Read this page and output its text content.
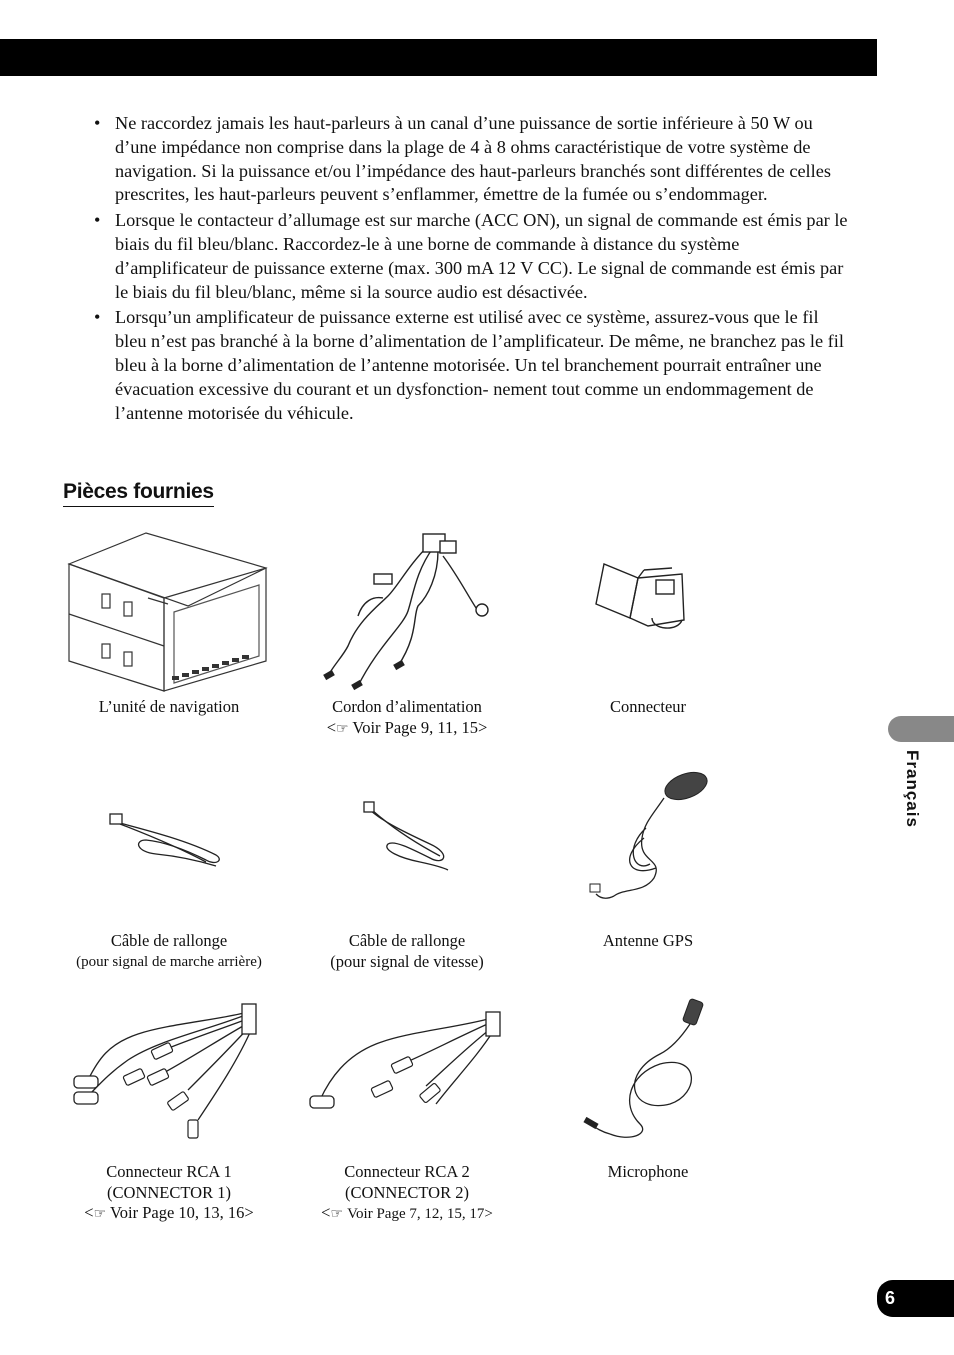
• Ne raccordez jamais les haut-parleurs à un canal d’une puissance de sortie inférieure à 50 W ou d’une impédance non comprise dans la plage de 4 à 8 ohms caractéristique de votre système de navigation. Si la puissance et/ou l’impédance des haut-parleurs branchés sont différentes de celles prescrites, les haut-parleurs peuvent s’enflammer, émettre de la fumée ou s’endommager.
• Lorsque le contacteur d’allumage est sur marche (ACC ON), un signal de commande est émis par le biais du fil bleu/blanc. Raccordez-le à une borne de commande à distance du système d’amplificateur de puissance externe (max. 300 mA 12 V CC). Le signal de commande est émis par le biais du fil bleu/blanc, même si la source audio est désactivée.
• Lorsqu’un amplificateur de puissance externe est utilisé avec ce système, assurez-vous que le fil bleu n’est pas branché à la borne d’alimentation de l’amplificateur. De même, ne branchez pas le fil bleu à la borne d’alimentation de l’antenne motorisée. Un tel branchement pourrait entraîner une évacuation excessive du courant et un dysfonction- nement tout comme un endommagement de l’antenne motorisée du véhicule.
Pièces fournies
L’unité de navigation	Cordon d’alimentation
<☞ Voir Page 9, 11, 15>
Connecteur
Câble de rallonge
(pour signal de marche arrière)
Câble de rallonge
(pour signal de vitesse)
Antenne GPS
Connecteur RCA 1
(CONNECTOR 1)
<☞ Voir Page 10, 13, 16>
Connecteur RCA 2
(CONNECTOR 2)
<☞ Voir Page 7, 12, 15, 17>
Microphone
Français
6
